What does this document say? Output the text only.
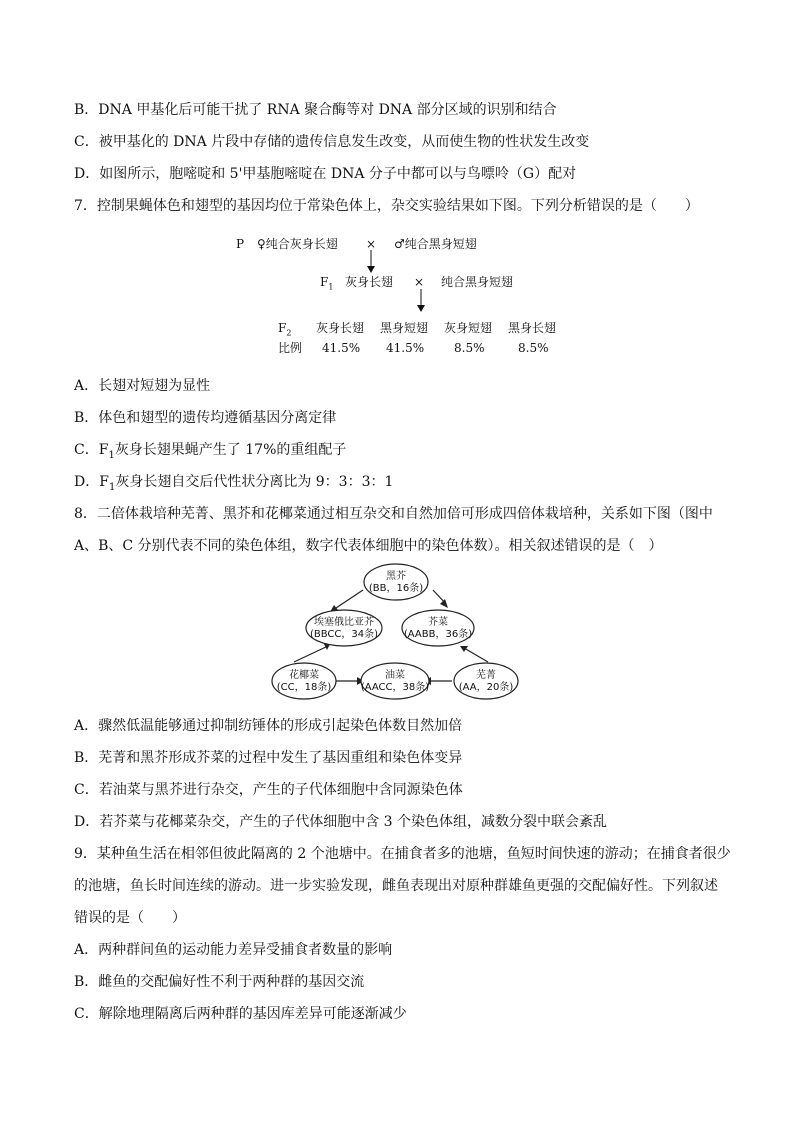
B．DNA 甲基化后可能干扰了 RNA 聚合酶等对 DNA 部分区域的识别和结合
C．被甲基化的 DNA 片段中存储的遗传信息发生改变，从而使生物的性状发生改变
D．如图所示，胞嘧啶和 5'甲基胞嘧啶在 DNA 分子中都可以与鸟嘌呤（G）配对
7．控制果蝇体色和翅型的基因均位于常染色体上，杂交实验结果如下图。下列分析错误的是（　　）
P ♀纯合灰身长翅 × ♂纯合黑身短翅
$F_1$ 灰身长翅 × 纯合黑身短翅
$F_2$ 灰身长翅 黑身短翅 灰身短翅 黑身长翅
比例 41.5% 41.5% 8.5%	8.5%
A．长翅对短翅为显性
B．体色和翅型的遗传均遵循基因分离定律
C．$F_1$灰身长翅果蝇产生了 17%的重组配子
D．$F_1$灰身长翅自交后代性状分离比为 9：3：3：1
8．二倍体栽培种芜菁、黑芥和花椰菜通过相互杂交和自然加倍可形成四倍体栽培种，关系如下图（图中
A、B、C 分别代表不同的染色体组，数字代表体细胞中的染色体数）。相关叙述错误的是（　）
黑芥
(BB，16条)
埃塞俄比亚芥
(BBCC，34条)
芥菜
(AABB，36条)
花椰菜
(CC，18条)
油菜
(AACC，38条)
芜菁
(AA，20条)
A．骤然低温能够通过抑制纺锤体的形成引起染色体数目然加倍
B．芜菁和黑芥形成芥菜的过程中发生了基因重组和染色体变异
C．若油菜与黑芥进行杂交，产生的子代体细胞中含同源染色体
D．若芥菜与花椰菜杂交，产生的子代体细胞中含 3 个染色体组，减数分裂中联会紊乱
9．某种鱼生活在相邻但彼此隔离的 2 个池塘中。在捕食者多的池塘，鱼短时间快速的游动；在捕食者很少
的池塘，鱼长时间连续的游动。进一步实验发现，雌鱼表现出对原种群雄鱼更强的交配偏好性。下列叙述
错误的是（　　）
A．两种群间鱼的运动能力差异受捕食者数量的影响
B．雌鱼的交配偏好性不利于两种群的基因交流
C．解除地理隔离后两种群的基因库差异可能逐渐减少
